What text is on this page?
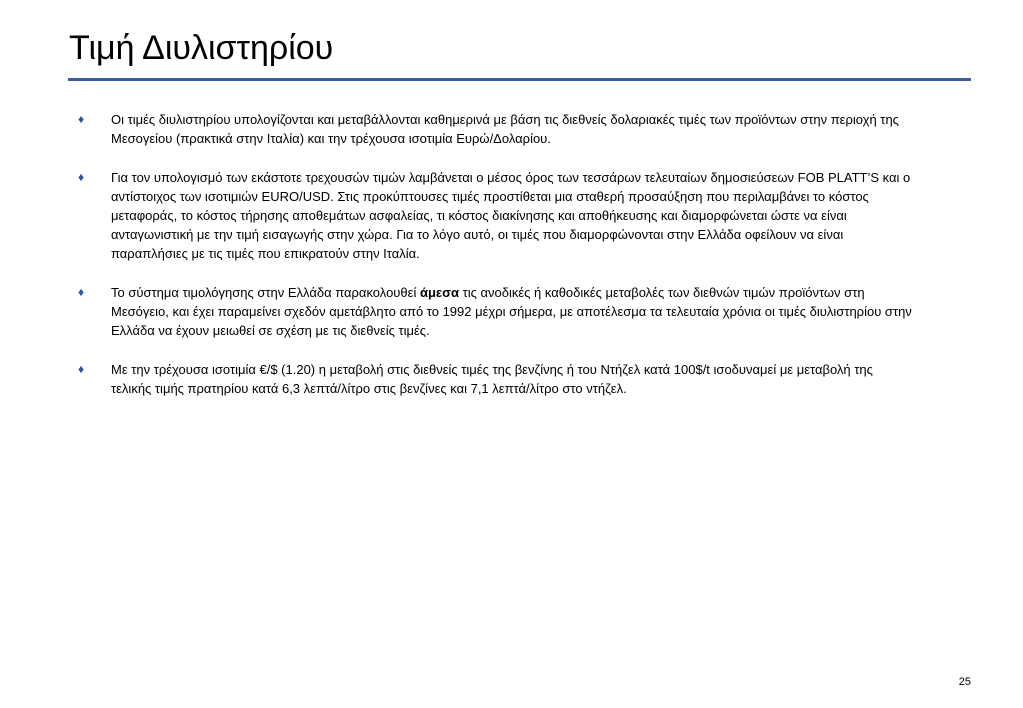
Τιμή Διυλιστηρίου
♦	Οι τιμές διυλιστηρίου υπολογίζονται και μεταβάλλονται καθημερινά με βάση τις διεθνείς δολαριακές τιμές των προϊόντων στην περιοχή της Μεσογείου (πρακτικά στην Ιταλία) και την τρέχουσα ισοτιμία Ευρώ/Δολαρίου.
♦	Για τον υπολογισμό των εκάστοτε τρεχουσών τιμών λαμβάνεται ο μέσος όρος των τεσσάρων τελευταίων δημοσιεύσεων FOB PLATT’S και ο αντίστοιχος των ισοτιμιών EURO/USD. Στις προκύπτουσες τιμές προστίθεται μια σταθερή προσαύξηση που περιλαμβάνει το κόστος μεταφοράς, το κόστος τήρησης αποθεμάτων ασφαλείας, τι κόστος διακίνησης και αποθήκευσης και διαμορφώνεται ώστε να είναι ανταγωνιστική με την τιμή εισαγωγής στην χώρα. Για το λόγο αυτό, οι τιμές που διαμορφώνονται στην Ελλάδα οφείλουν να είναι παραπλήσιες με τις τιμές που επικρατούν στην Ιταλία.
♦	Το σύστημα τιμολόγησης στην Ελλάδα παρακολουθεί άμεσα τις ανοδικές ή καθοδικές μεταβολές των διεθνών τιμών προϊόντων στη Μεσόγειο, και έχει παραμείνει σχεδόν αμετάβλητο από το 1992 μέχρι σήμερα, με αποτέλεσμα τα τελευταία χρόνια οι τιμές διυλιστηρίου στην Ελλάδα να έχουν μειωθεί σε σχέση με τις διεθνείς τιμές.
♦	Με την τρέχουσα ισοτιμία €/$ (1.20) η μεταβολή στις διεθνείς τιμές της βενζίνης ή του Ντήζελ κατά 100$/t ισοδυναμεί με μεταβολή της τελικής τιμής πρατηρίου κατά 6,3 λεπτά/λίτρο στις βενζίνες και 7,1 λεπτά/λίτρο στο ντήζελ.
25
